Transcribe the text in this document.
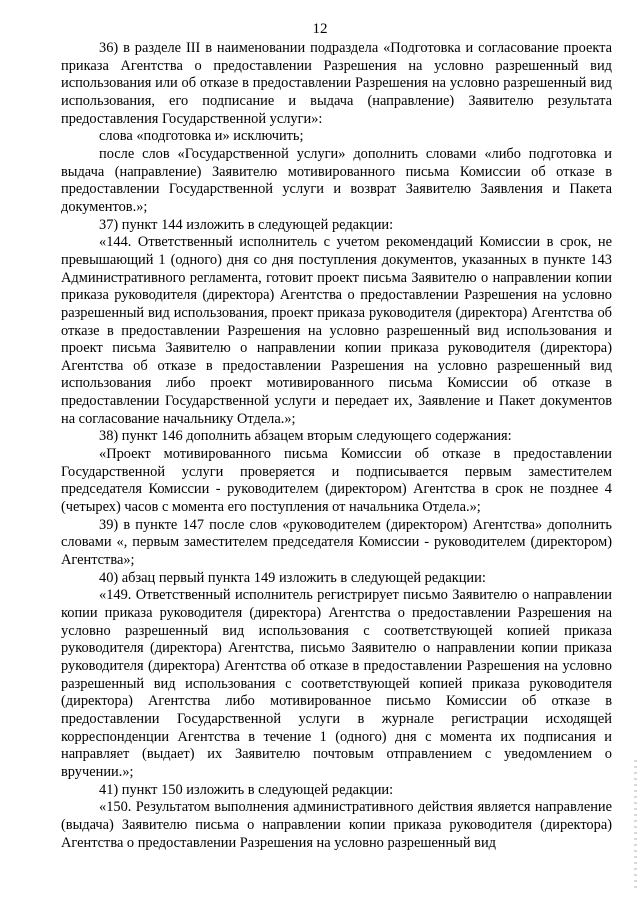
12

36) в разделе III в наименовании подраздела «Подготовка и согласование проекта приказа Агентства о предоставлении Разрешения на условно разрешенный вид использования или об отказе в предоставлении Разрешения на условно разрешенный вид использования, его подписание и выдача (направление) Заявителю результата предоставления Государственной услуги»:

слова «подготовка и» исключить;

после слов «Государственной услуги» дополнить словами «либо подготовка и выдача (направление) Заявителю мотивированного письма Комиссии об отказе в предоставлении Государственной услуги и возврат Заявителю Заявления и Пакета документов.»;

37) пункт 144 изложить в следующей редакции:

«144. Ответственный исполнитель с учетом рекомендаций Комиссии в срок, не превышающий 1 (одного) дня со дня поступления документов, указанных в пункте 143 Административного регламента, готовит проект письма Заявителю о направлении копии приказа руководителя (директора) Агентства о предоставлении Разрешения на условно разрешенный вид использования, проект приказа руководителя (директора) Агентства об отказе в предоставлении Разрешения на условно разрешенный вид использования и проект письма Заявителю о направлении копии приказа руководителя (директора) Агентства об отказе в предоставлении Разрешения на условно разрешенный вид использования либо проект мотивированного письма Комиссии об отказе в предоставлении Государственной услуги и передает их, Заявление и Пакет документов на согласование начальнику Отдела.»;

38) пункт 146 дополнить абзацем вторым следующего содержания:

«Проект мотивированного письма Комиссии об отказе в предоставлении Государственной услуги проверяется и подписывается первым заместителем председателя Комиссии - руководителем (директором) Агентства в срок не позднее 4 (четырех) часов с момента его поступления от начальника Отдела.»;

39) в пункте 147 после слов «руководителем (директором) Агентства» дополнить словами «, первым заместителем председателя Комиссии - руководителем (директором) Агентства»;

40) абзац первый пункта 149 изложить в следующей редакции:

«149. Ответственный исполнитель регистрирует письмо Заявителю о направлении копии приказа руководителя (директора) Агентства о предоставлении Разрешения на условно разрешенный вид использования с соответствующей копией приказа руководителя (директора) Агентства, письмо Заявителю о направлении копии приказа руководителя (директора) Агентства об отказе в предоставлении Разрешения на условно разрешенный вид использования с соответствующей копией приказа руководителя (директора) Агентства либо мотивированное письмо Комиссии об отказе в предоставлении Государственной услуги в журнале регистрации исходящей корреспонденции Агентства в течение 1 (одного) дня с момента их подписания и направляет (выдает) их Заявителю почтовым отправлением с уведомлением о вручении.»;

41) пункт 150 изложить в следующей редакции:

«150. Результатом выполнения административного действия является направление (выдача) Заявителю письма о направлении копии приказа руководителя (директора) Агентства о предоставлении Разрешения на условно разрешенный вид
